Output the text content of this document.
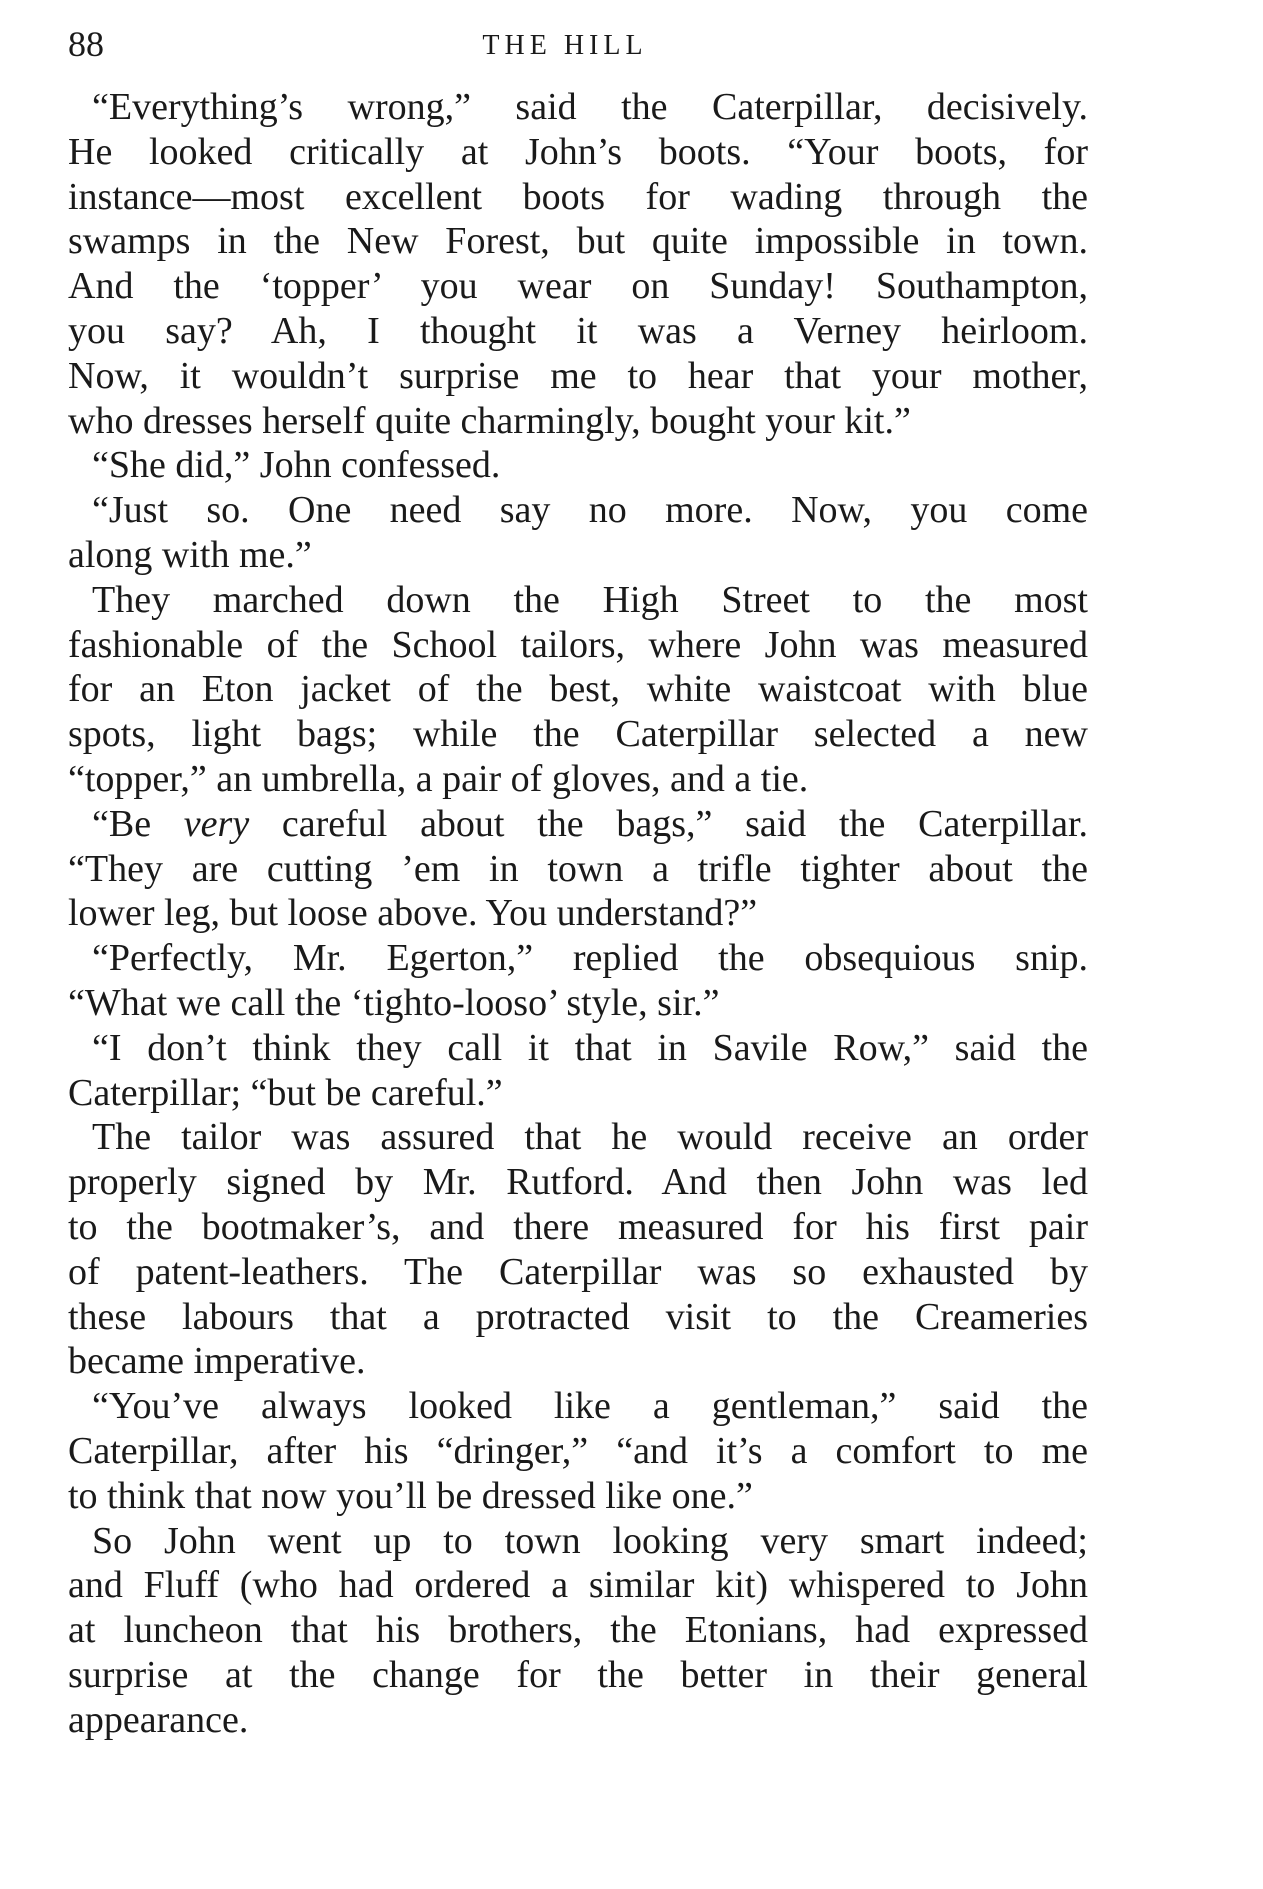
88	THE HILL
“Everything’s wrong,” said the Caterpillar, decisively.
He looked critically at John’s boots. “Your boots, for
instance—most excellent boots for wading through the
swamps in the New Forest, but quite impossible in town.
And the ‘topper’ you wear on Sunday! Southampton,
you say? Ah, I thought it was a Verney heirloom.
Now, it wouldn’t surprise me to hear that your mother,
who dresses herself quite charmingly, bought your kit.”
“She did,” John confessed.
“Just so. One need say no more. Now, you come
along with me.”
They marched down the High Street to the most
fashionable of the School tailors, where John was measured
for an Eton jacket of the best, white waistcoat with blue
spots, light bags; while the Caterpillar selected a new
“topper,” an umbrella, a pair of gloves, and a tie.
“Be very careful about the bags,” said the Caterpillar.
“They are cutting ’em in town a trifle tighter about the
lower leg, but loose above. You understand?”
“Perfectly, Mr. Egerton,” replied the obsequious snip.
“What we call the ‘tighto-looso’ style, sir.”
“I don’t think they call it that in Savile Row,” said the
Caterpillar; “but be careful.”
The tailor was assured that he would receive an order
properly signed by Mr. Rutford. And then John was led
to the bootmaker’s, and there measured for his first pair
of patent-leathers. The Caterpillar was so exhausted by
these labours that a protracted visit to the Creameries
became imperative.
“You’ve always looked like a gentleman,” said the
Caterpillar, after his “dringer,” “and it’s a comfort to me
to think that now you’ll be dressed like one.”
So John went up to town looking very smart indeed;
and Fluff (who had ordered a similar kit) whispered to John
at luncheon that his brothers, the Etonians, had expressed
surprise at the change for the better in their general
appearance.
